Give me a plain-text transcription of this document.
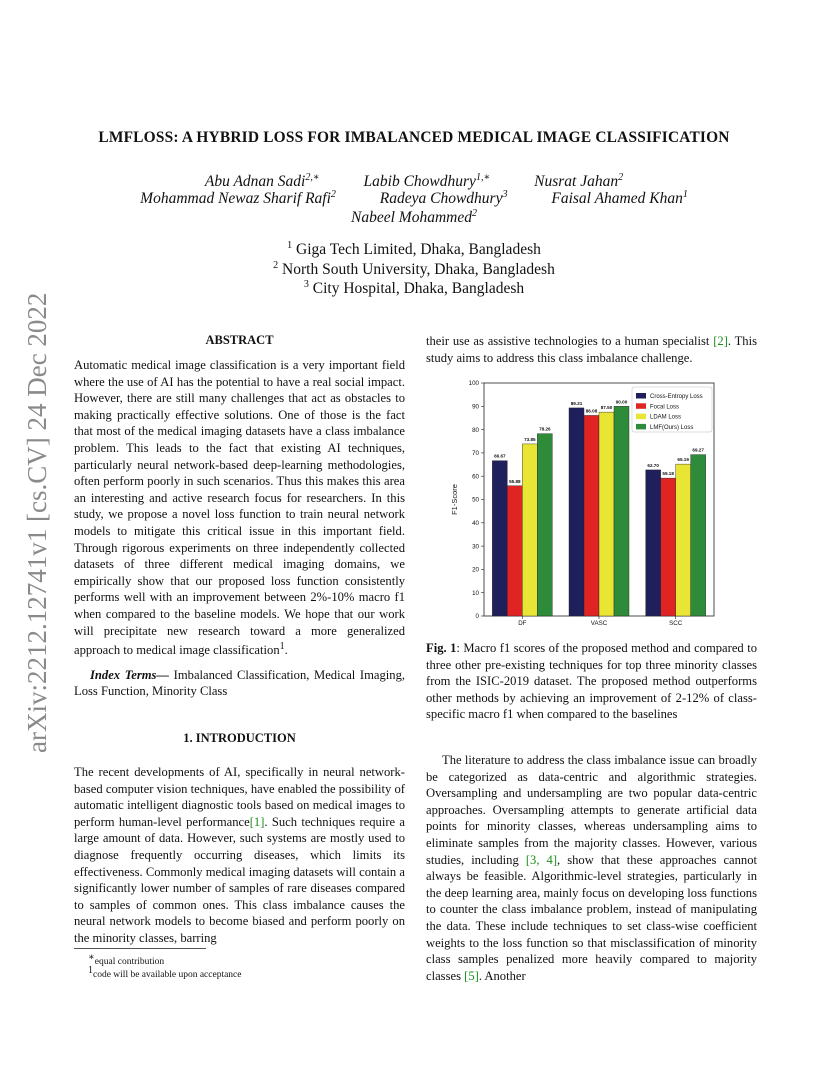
arXiv:2212.12741v1 [cs.CV] 24 Dec 2022
LMFLOSS: A HYBRID LOSS FOR IMBALANCED MEDICAL IMAGE CLASSIFICATION
Abu Adnan Sadi$^{2,∗}$	Labib Chowdhury$^{1,∗}$	Nusrat Jahan$^2$
Mohammad Newaz Sharif Rafi$^2$	Radeya Chowdhury$^3$	Faisal Ahamed Khan$^1$
Nabeel Mohammed$^2$
$^1$ Giga Tech Limited, Dhaka, Bangladesh
$^2$ North South University, Dhaka, Bangladesh
$^3$ City Hospital, Dhaka, Bangladesh
ABSTRACT

Automatic medical image classification is a very important field where the use of AI has the potential to have a real social impact. However, there are still many challenges that act as obstacles to making practically effective solutions. One of those is the fact that most of the medical imaging datasets have a class imbalance problem. This leads to the fact that existing AI techniques, particularly neural network-based deep-learning methodologies, often perform poorly in such scenarios. Thus this makes this area an interesting and active research focus for researchers. In this study, we propose a novel loss function to train neural network models to mitigate this critical issue in this important field. Through rigorous experiments on three independently collected datasets of three different medical imaging domains, we empirically show that our proposed loss function consistently performs well with an improvement between 2%-10% macro f1 when compared to the baseline models. We hope that our work will precipitate new research toward a more generalized approach to medical image classification$^1$.

Index Terms— Imbalanced Classification, Medical Imaging, Loss Function, Minority Class

1. INTRODUCTION

The recent developments of AI, specifically in neural network-based computer vision techniques, have enabled the possibility of automatic intelligent diagnostic tools based on medical images to perform human-level performance[1]. Such techniques require a large amount of data. However, such systems are mostly used to diagnose frequently occurring diseases, which limits its effectiveness. Commonly medical imaging datasets will contain a significantly lower number of samples of rare diseases compared to samples of common ones. This class imbalance causes the neural network models to become biased and perform poorly on the minority classes, barring

∗equal contribution
$^1$code will be available upon acceptance

their use as assistive technologies to a human specialist [2]. This study aims to address this class imbalance challenge.

0
10
20
30
40
50
60
70
80
90
100
F1-Score
66.67
55.88
73.85
78.26
DF
89.31
86.08
87.50
90.00
VASC
62.70
59.18
65.19
69.27
SCC
Cross-Entropy Loss
Focal Loss
LDAM Loss
LMF(Ours) Loss

Fig. 1: Macro f1 scores of the proposed method and compared to three other pre-existing techniques for top three minority classes from the ISIC-2019 dataset. The proposed method outperforms other methods by achieving an improvement of 2-12% of class-specific macro f1 when compared to the baselines

The literature to address the class imbalance issue can broadly be categorized as data-centric and algorithmic strategies. Oversampling and undersampling are two popular data-centric approaches. Oversampling attempts to generate artificial data points for minority classes, whereas undersampling aims to eliminate samples from the majority classes. However, various studies, including [3, 4], show that these approaches cannot always be feasible. Algorithmic-level strategies, particularly in the deep learning area, mainly focus on developing loss functions to counter the class imbalance problem, instead of manipulating the data. These include techniques to set class-wise coefficient weights to the loss function so that misclassification of minority class samples penalized more heavily compared to majority classes [5]. Another
